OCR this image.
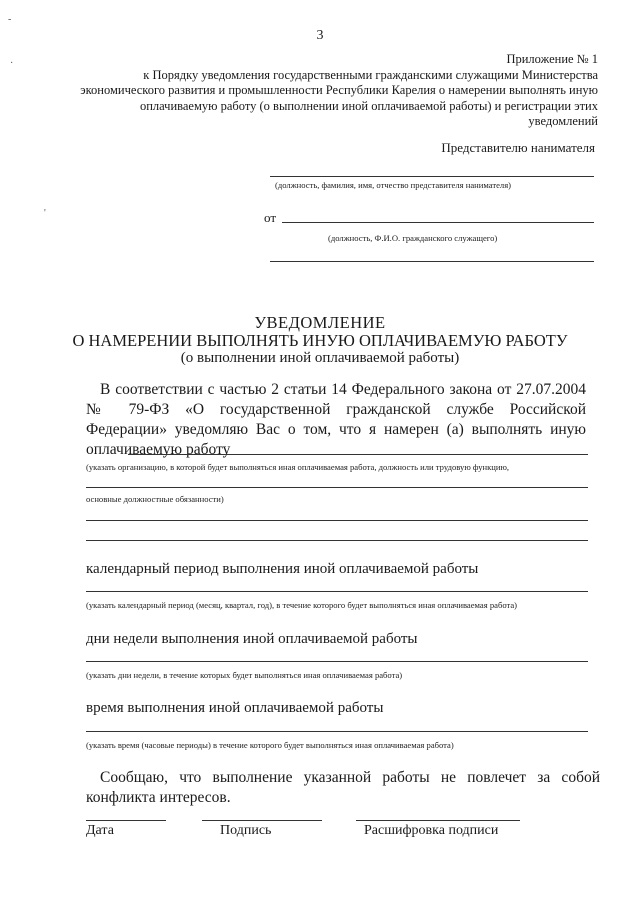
-
·
'
3
Приложение № 1
к Порядку уведомления государственными гражданскими служащими Министерства экономического развития и промышленности Республики Карелия о намерении выполнять иную оплачиваемую работу (о выполнении иной оплачиваемой работы) и регистрации этих уведомлений
Представителю нанимателя
(должность, фамилия, имя, отчество представителя нанимателя)
от
(должность, Ф.И.О. гражданского служащего)
УВЕДОМЛЕНИЕ
О НАМЕРЕНИИ ВЫПОЛНЯТЬ ИНУЮ ОПЛАЧИВАЕМУЮ РАБОТУ
(о выполнении иной оплачиваемой работы)
В соответствии с частью 2 статьи 14 Федерального закона от 27.07.2004 № 79-ФЗ «О государственной гражданской службе Российской Федерации» уведомляю Вас о том, что я намерен (а) выполнять иную оплачиваемую работу
(указать организацию, в которой будет выполняться иная оплачиваемая работа, должность или трудовую функцию,
основные должностные обязанности)
календарный период выполнения иной оплачиваемой работы
(указать календарный период (месяц, квартал, год), в течение которого будет выполняться иная оплачиваемая работа)
дни недели выполнения иной оплачиваемой работы
(указать дни недели, в течение которых будет выполняться иная оплачиваемая работа)
время выполнения иной оплачиваемой работы
(указать время (часовые периоды) в течение которого будет выполняться иная оплачиваемая работа)
Сообщаю, что выполнение указанной работы не повлечет за собой конфликта интересов.
Дата	Подпись	Расшифровка подписи
